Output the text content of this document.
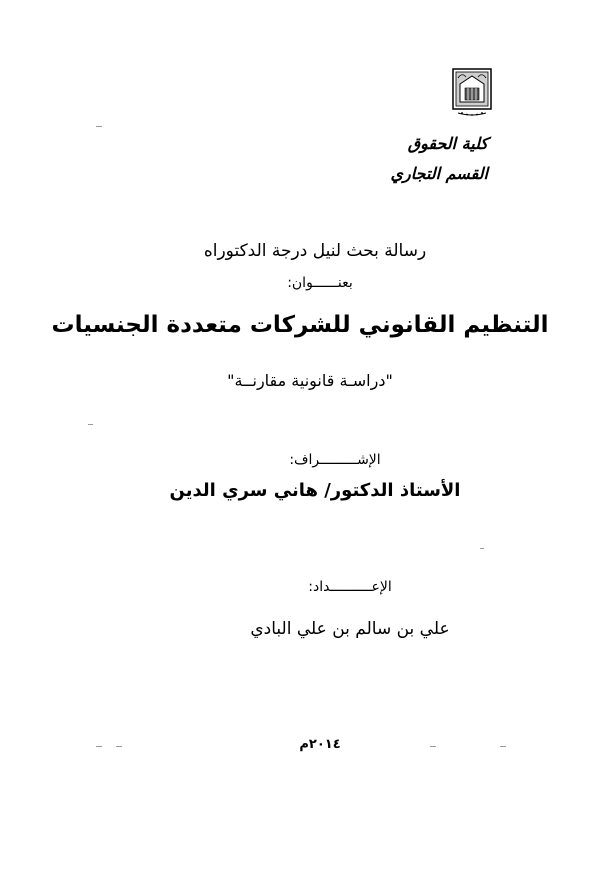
كلية الحقوق
القسم التجاري
رسالة بحث لنيل درجة الدكتوراه
بعنــــــوان:
التنظيم القانوني للشركات متعددة الجنسيات
"دراسـة قانونية مقارنــة"
الإشـــــــــراف:
الأستاذ الدكتور/ هاني سري الدين
الإعــــــــــداد:
علي بن سالم بن علي البادي
٢٠١٤م
